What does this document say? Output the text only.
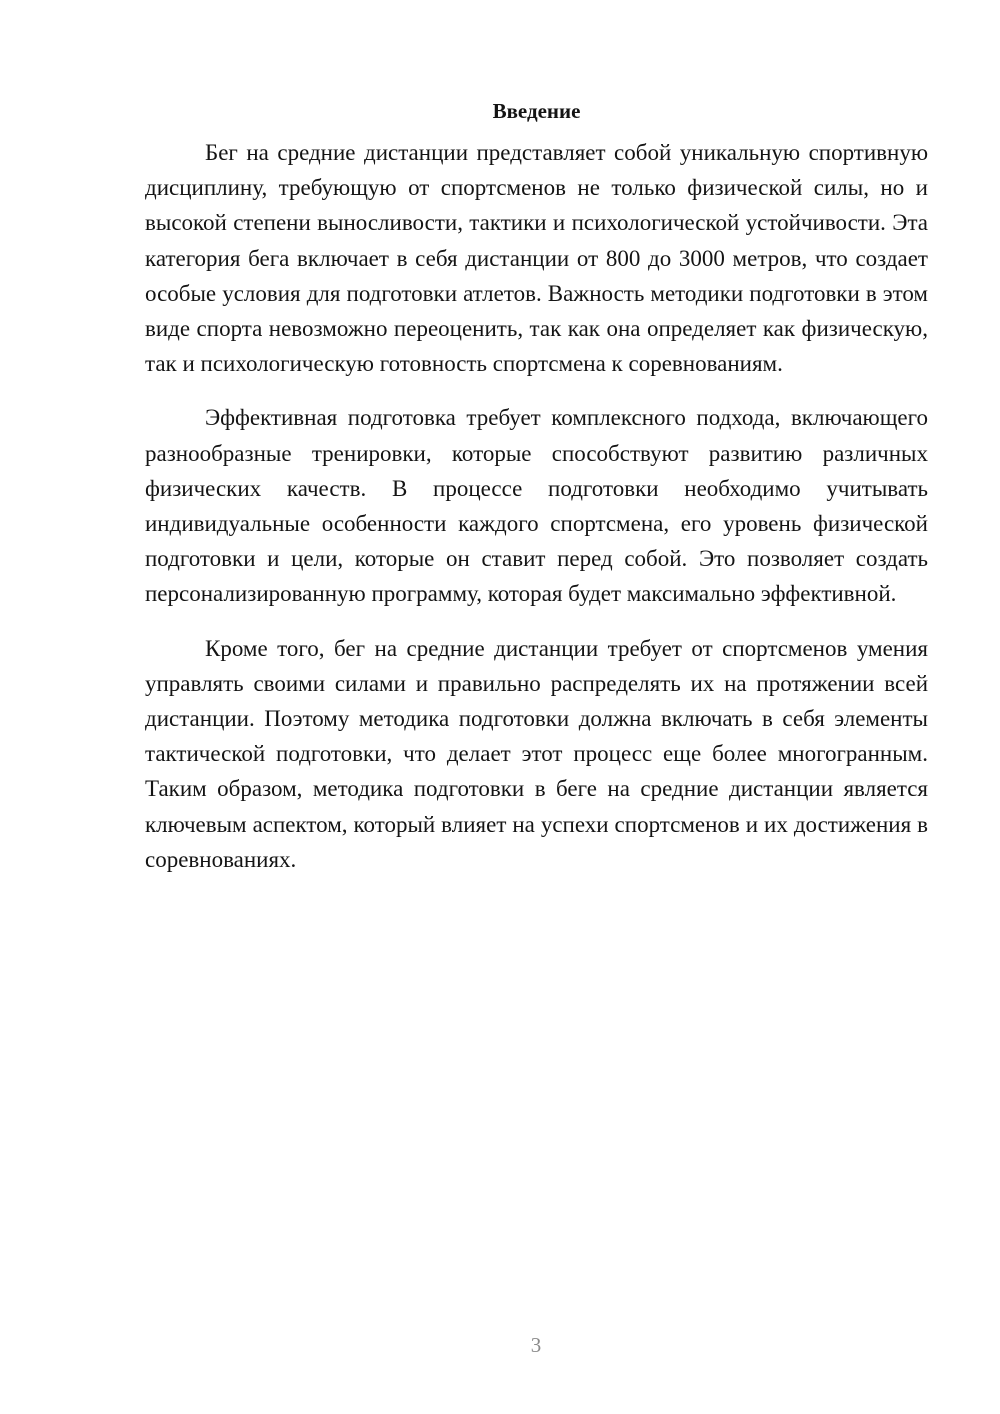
Введение

Бег на средние дистанции представляет собой уникальную спортивную дисциплину, требующую от спортсменов не только физической силы, но и высокой степени выносливости, тактики и психологической устойчивости. Эта категория бега включает в себя дистанции от 800 до 3000 метров, что создает особые условия для подготовки атлетов. Важность методики подготовки в этом виде спорта невозможно переоценить, так как она определяет как физическую, так и психологическую готовность спортсмена к соревнованиям.

Эффективная подготовка требует комплексного подхода, включающего разнообразные тренировки, которые способствуют развитию различных физических качеств. В процессе подготовки необходимо учитывать индивидуальные особенности каждого спортсмена, его уровень физической подготовки и цели, которые он ставит перед собой. Это позволяет создать персонализированную программу, которая будет максимально эффективной.

Кроме того, бег на средние дистанции требует от спортсменов умения управлять своими силами и правильно распределять их на протяжении всей дистанции. Поэтому методика подготовки должна включать в себя элементы тактической подготовки, что делает этот процесс еще более многогранным. Таким образом, методика подготовки в беге на средние дистанции является ключевым аспектом, который влияет на успехи спортсменов и их достижения в соревнованиях.

3
